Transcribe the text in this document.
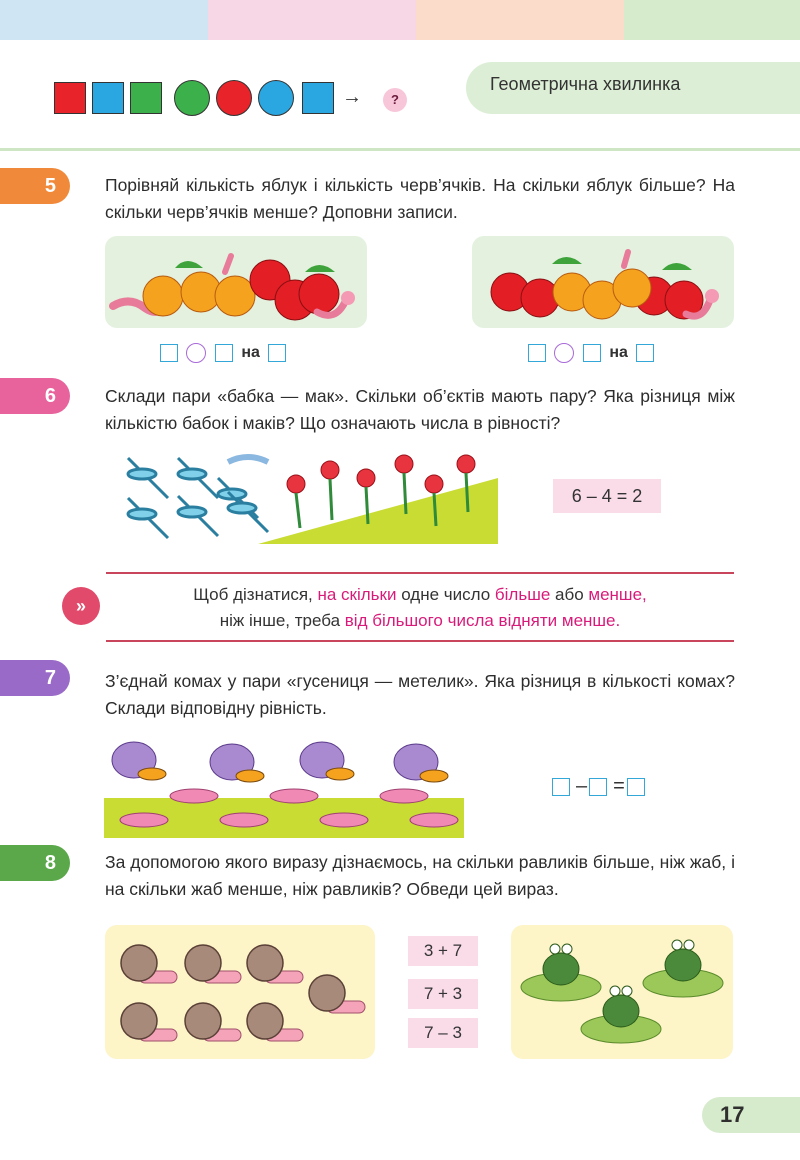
Геометрична хвилинка
→	?
5	Порівняй кількість яблук і кількість черв’ячків. На скільки яблук більше? На скільки черв’ячків менше? Доповни записи.
на	на
6	Склади пари «бабка — мак». Скільки об’єктів мають пару? Яка різниця між кількістю бабок і маків? Що означають числа в рівності?
6 – 4 = 2
»
Щоб дізнатися, на скільки одне число більше або менше,
ніж інше, треба від більшого числа відняти менше.
7	З’єднай комах у пари «гусениця — метелик». Яка різниця в кількості комах? Склади відповідну рівність.
– =
8	За допомогою якого виразу дізнаємось, на скільки равликів більше, ніж жаб, і на скільки жаб менше, ніж равликів? Обведи цей вираз.
3 + 7
7 + 3
7 – 3
17
